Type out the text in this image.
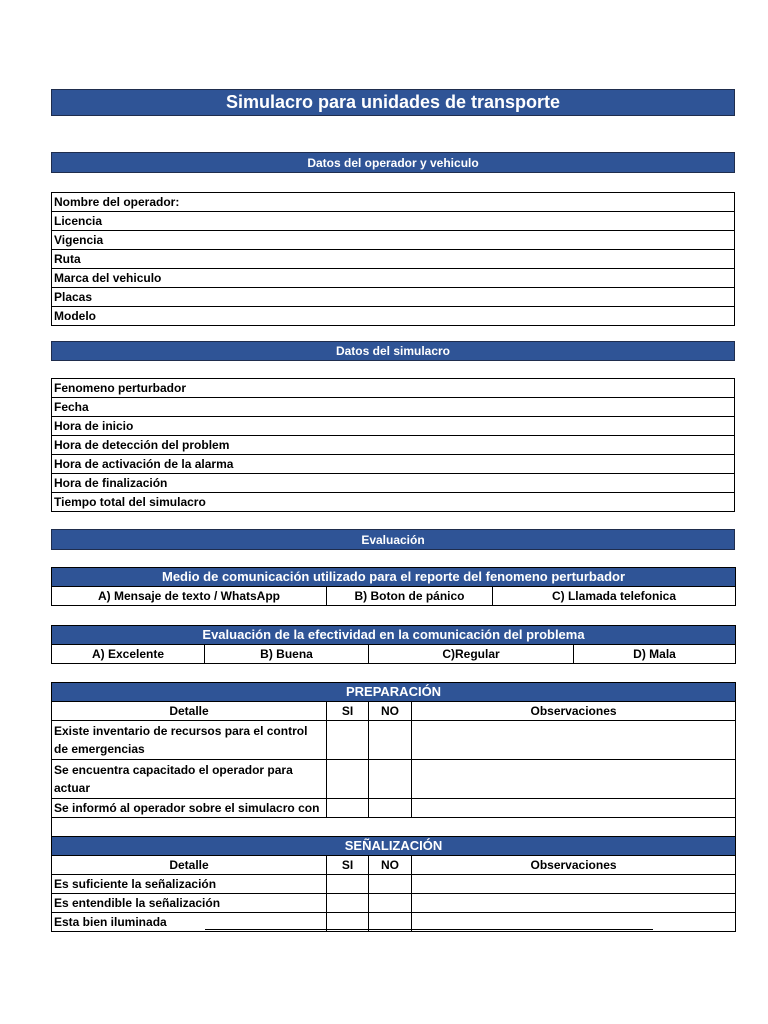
Simulacro para unidades de transporte
Datos del operador y vehiculo
Nombre del operador:
Licencia
Vigencia
Ruta
Marca del vehiculo
Placas
Modelo
Datos del simulacro
Fenomeno perturbador
Fecha
Hora de inicio
Hora de detección del problem
Hora de activación de la alarma
Hora de finalización
Tiempo total del simulacro
Evaluación
Medio de comunicación utilizado para el reporte del fenomeno perturbador
A) Mensaje de texto / WhatsApp	B) Boton de pánico	C) Llamada telefonica
Evaluación de la efectividad en la comunicación del problema
A) Excelente	B) Buena	C)Regular	D) Mala
PREPARACIÓN			
Detalle	SI	NO	Observaciones
Existe inventario de recursos para el control de emergencias			
Se encuentra capacitado el operador para actuar			
Se informó al operador sobre el simulacro con			

SEÑALIZACIÓN			
Detalle	SI	NO	Observaciones
Es suficiente la señalización			
Es entendible la señalización			
Esta bien iluminada			
